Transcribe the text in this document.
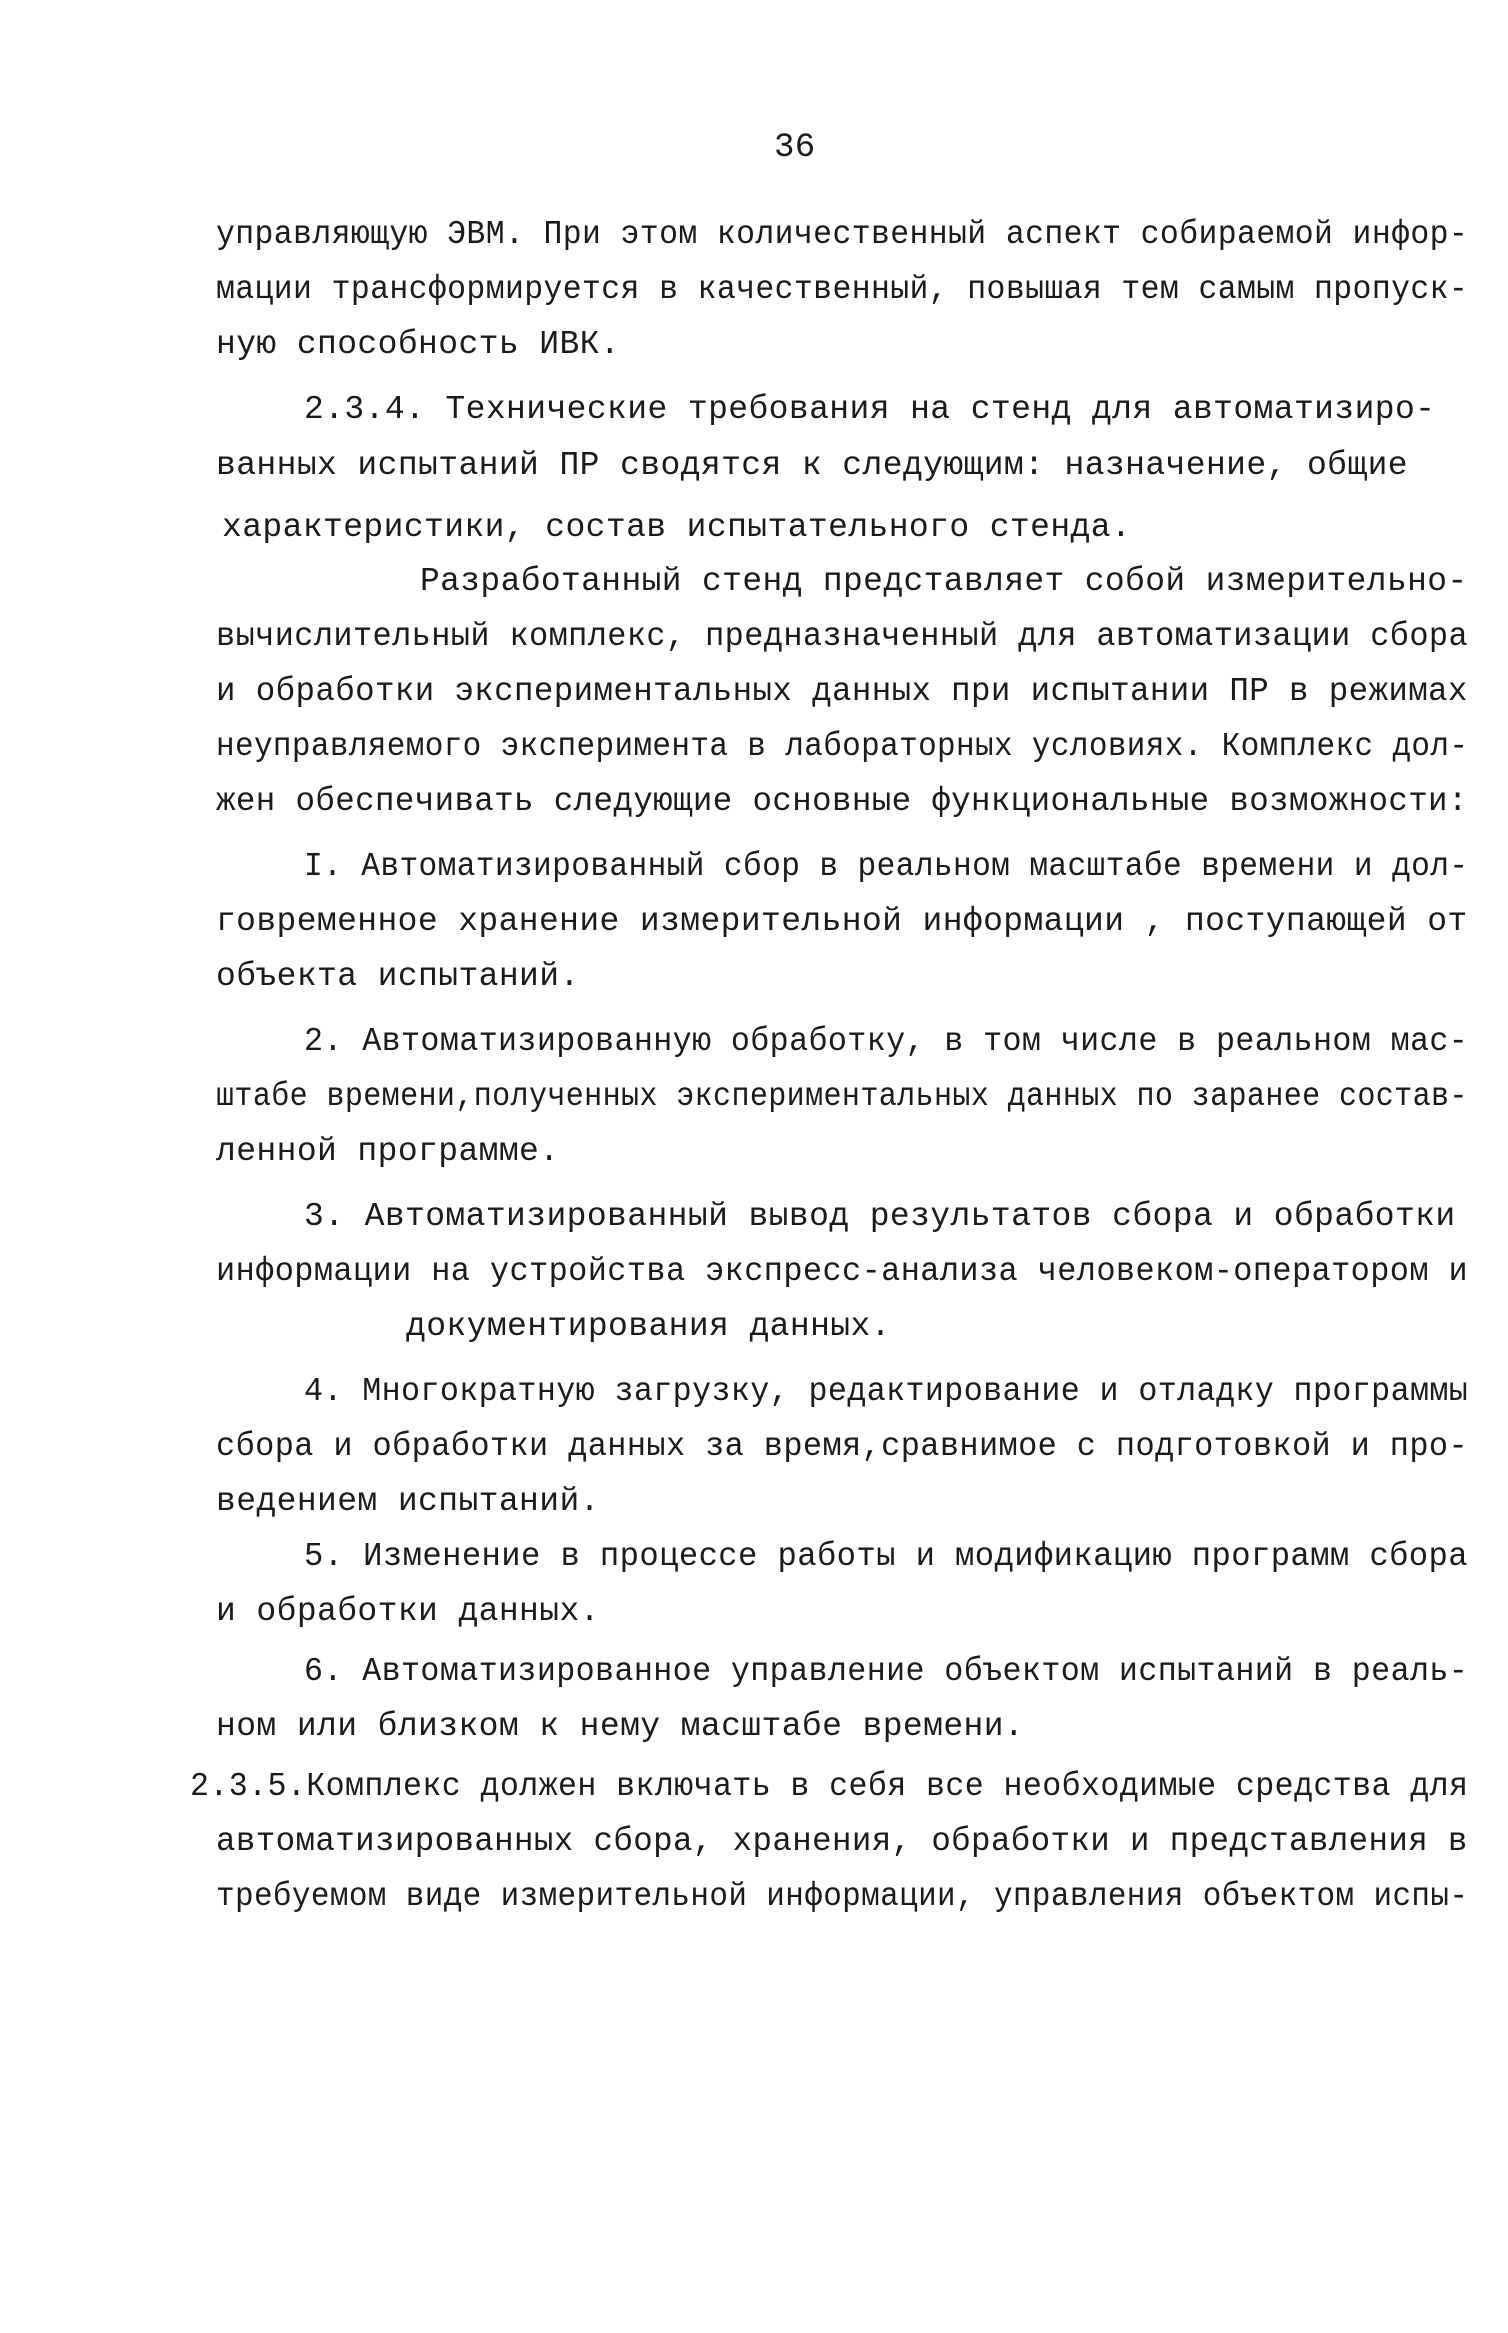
36

управляющую ЭВМ. При этом количественный аспект собираемой инфор-

мации трансформируется в качественный, повышая тем самым пропуск-

ную способность ИВК.

2.3.4. Технические требования на стенд для автоматизиро-

ванных испытаний ПР сводятся к следующим: назначение, общие

характеристики, состав испытательного стенда.

Разработанный стенд представляет собой измерительно-

вычислительный комплекс, предназначенный для автоматизации сбора

и обработки экспериментальных данных при испытании ПР в режимах

неуправляемого эксперимента в лабораторных условиях. Комплекс дол-

жен обеспечивать следующие основные функциональные возможности:

I. Автоматизированный сбор в реальном масштабе времени и дол-

говременное хранение измерительной информации , поступающей от

объекта испытаний.

2. Автоматизированную обработку, в том числе в реальном мас-

штабе времени,полученных экспериментальных данных по заранее состав-

ленной программе.

3. Автоматизированный вывод результатов сбора и обработки

информации на устройства экспресс-анализа человеком-оператором и

документирования данных.

4. Многократную загрузку, редактирование и отладку программы

сбора и обработки данных за время,сравнимое с подготовкой и про-

ведением испытаний.

5. Изменение в процессе работы и модификацию программ сбора

и обработки данных.

6. Автоматизированное управление объектом испытаний в реаль-

ном или близком к нему масштабе времени.

2.3.5.Комплекс должен включать в себя все необходимые средства для

автоматизированных сбора, хранения, обработки и представления в

требуемом виде измерительной информации, управления объектом испы-
